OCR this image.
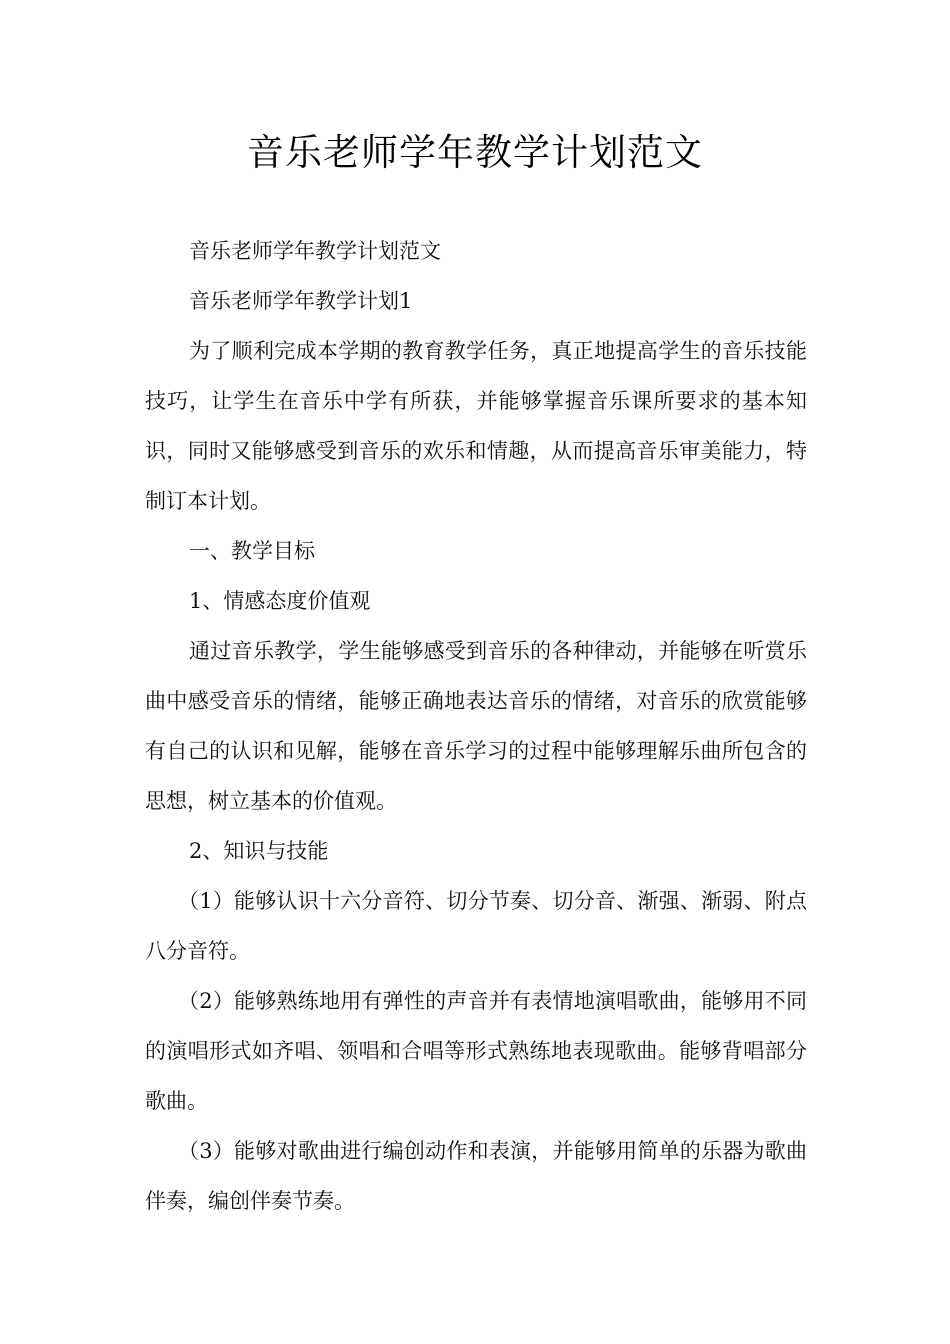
音乐老师学年教学计划范文

音乐老师学年教学计划范文

音乐老师学年教学计划1

为了顺利完成本学期的教育教学任务，真正地提高学生的音乐技能技巧，让学生在音乐中学有所获，并能够掌握音乐课所要求的基本知识，同时又能够感受到音乐的欢乐和情趣，从而提高音乐审美能力，特制订本计划。

一、教学目标

1、情感态度价值观

通过音乐教学，学生能够感受到音乐的各种律动，并能够在听赏乐曲中感受音乐的情绪，能够正确地表达音乐的情绪，对音乐的欣赏能够有自己的认识和见解，能够在音乐学习的过程中能够理解乐曲所包含的思想，树立基本的价值观。

2、知识与技能

（1）能够认识十六分音符、切分节奏、切分音、渐强、渐弱、附点八分音符。

（2）能够熟练地用有弹性的声音并有表情地演唱歌曲，能够用不同的演唱形式如齐唱、领唱和合唱等形式熟练地表现歌曲。能够背唱部分歌曲。

（3）能够对歌曲进行编创动作和表演，并能够用简单的乐器为歌曲伴奏，编创伴奏节奏。
